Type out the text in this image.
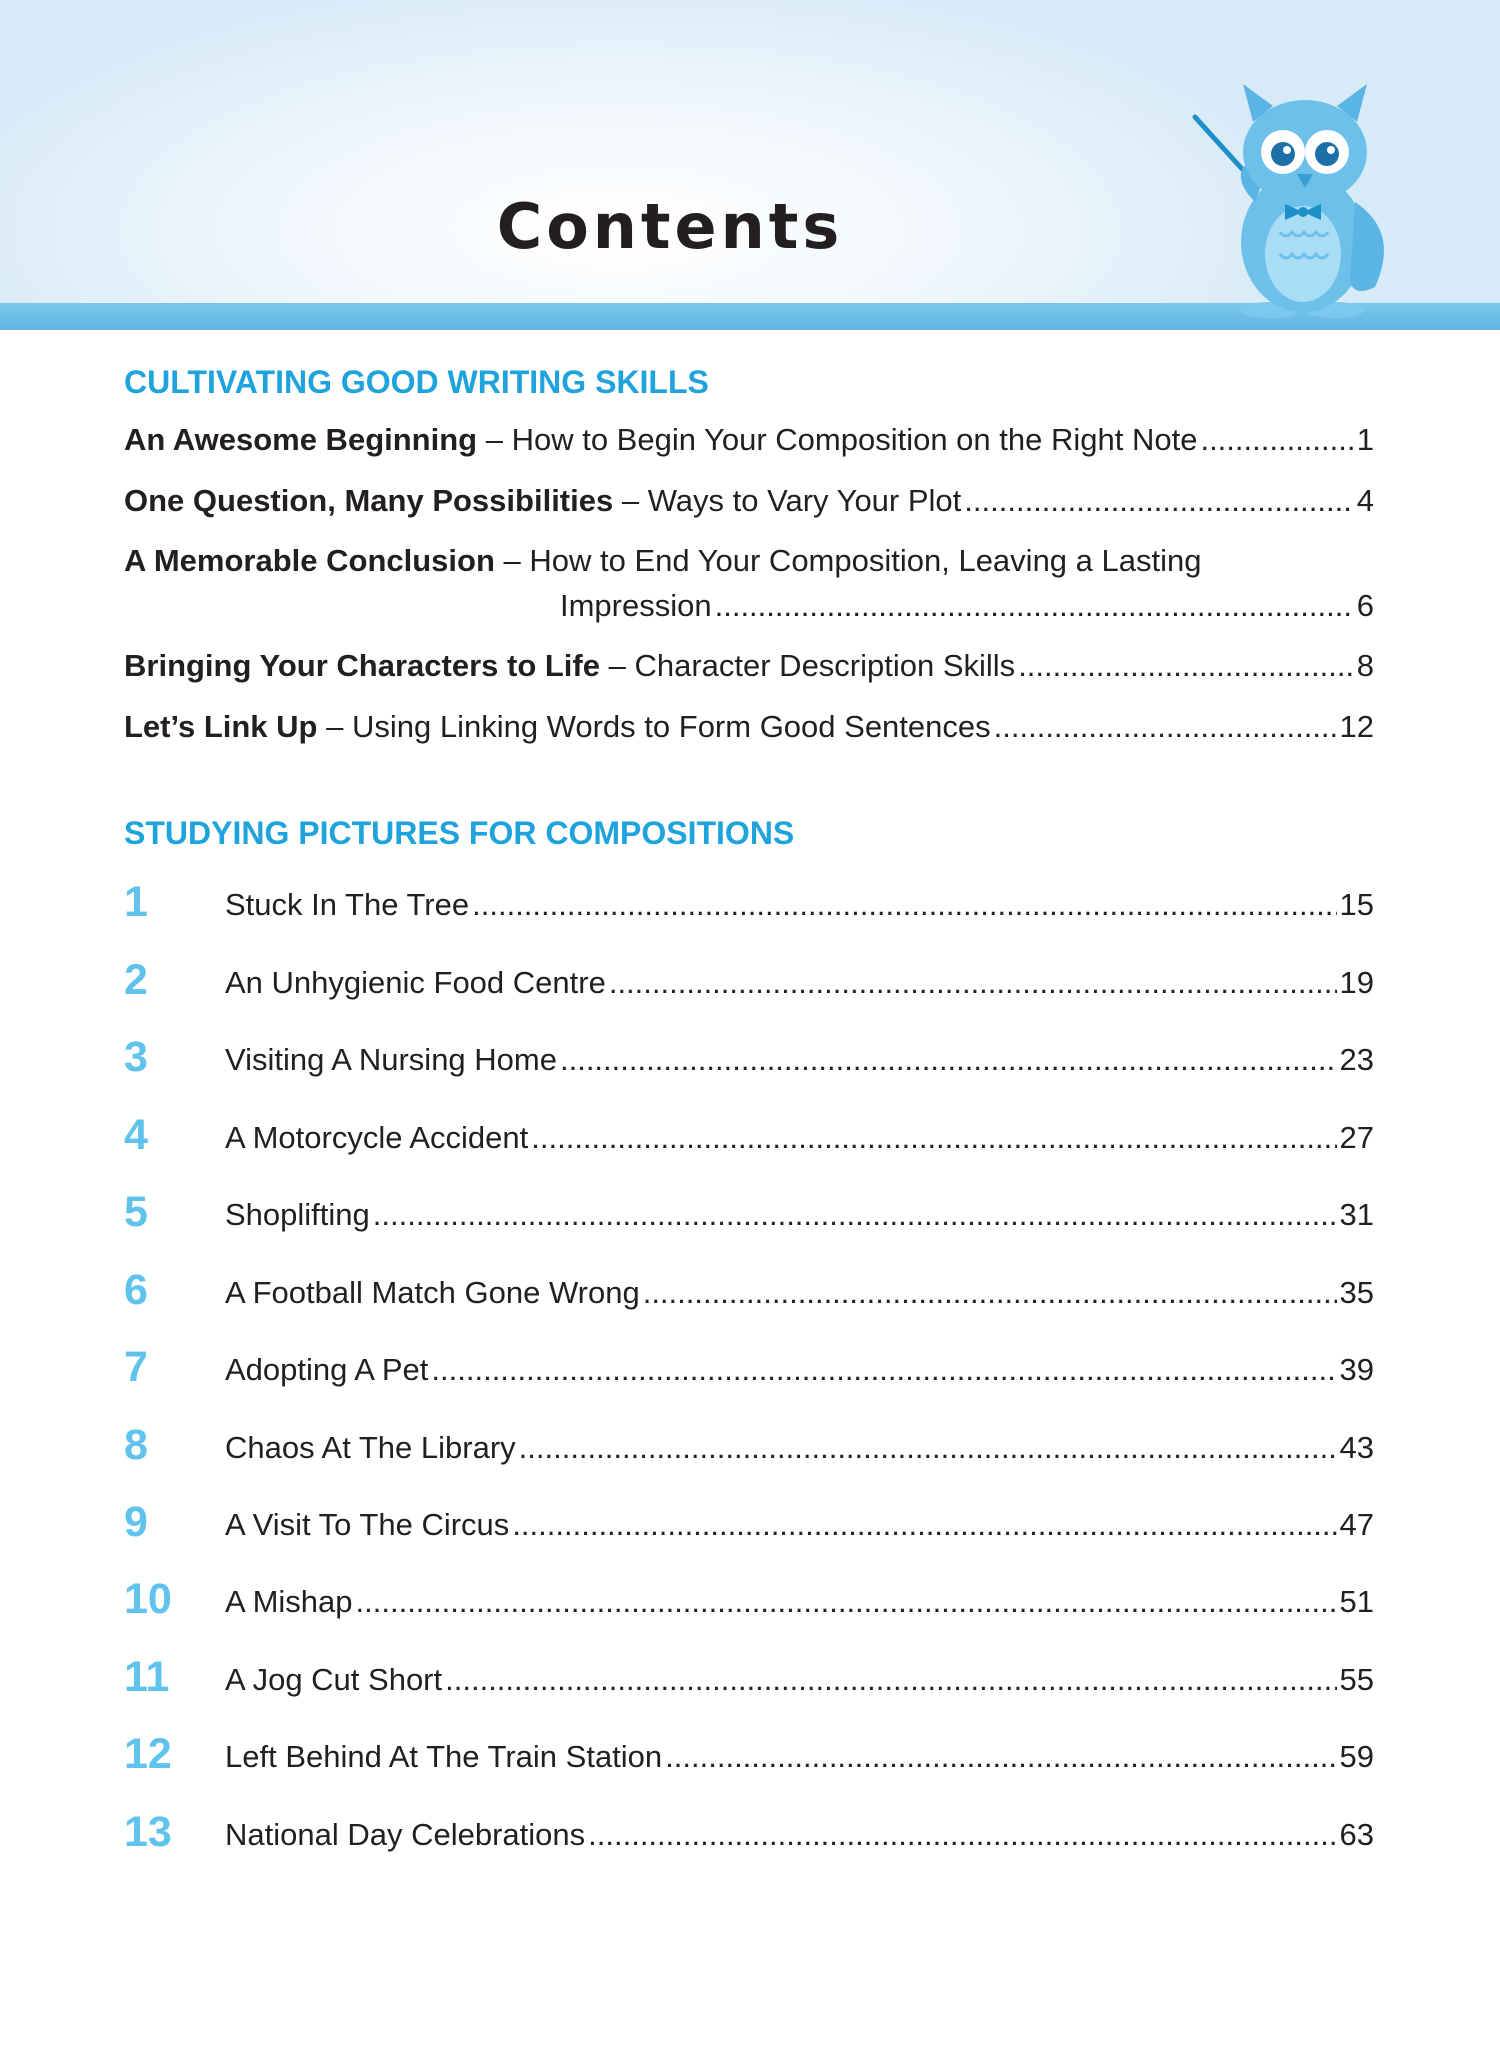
Contents
CULTIVATING GOOD WRITING SKILLS
An Awesome Beginning – How to Begin Your Composition on the Right Note .....	1
One Question, Many Possibilities – Ways to Vary Your Plot .....	4
A Memorable Conclusion – How to End Your Composition, Leaving a Lasting
Impression .....	6
Bringing Your Characters to Life – Character Description Skills .....	8
Let’s Link Up – Using Linking Words to Form Good Sentences .....	12
STUDYING PICTURES FOR COMPOSITIONS
1 Stuck In The Tree .....	15
2 An Unhygienic Food Centre .....	19
3 Visiting A Nursing Home .....	23
4 A Motorcycle Accident .....	27
5 Shoplifting .....	31
6 A Football Match Gone Wrong .....	35
7 Adopting A Pet .....	39
8 Chaos At The Library .....	43
9 A Visit To The Circus .....	47
10 A Mishap .....	51
11 A Jog Cut Short .....	55
12 Left Behind At The Train Station .....	59
13 National Day Celebrations .....	63
